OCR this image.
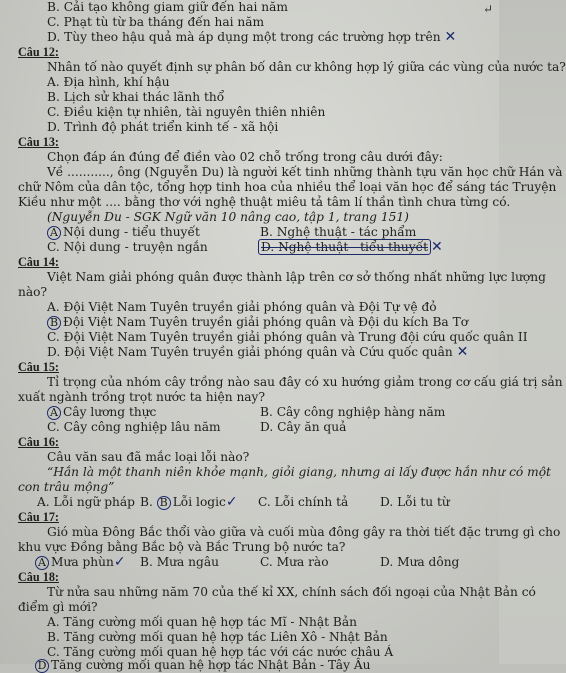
↵
B. Cải tạo không giam giữ đến hai năm
C. Phạt tù từ ba tháng đến hai năm
D. Tùy theo hậu quả mà áp dụng một trong các trường hợp trên ✕
Câu 12:
Nhân tố nào quyết định sự phân bố dân cư không hợp lý giữa các vùng của nước ta?
A. Địa hình, khí hậu
B. Lịch sử khai thác lãnh thổ
C. Điều kiện tự nhiên, tài nguyên thiên nhiên
D. Trình độ phát triển kinh tế - xã hội
Câu 13:
Chọn đáp án đúng để điền vào 02 chỗ trống trong câu dưới đây:
Về ..........., ông (Nguyễn Du) là người kết tinh những thành tựu văn học chữ Hán và
chữ Nôm của dân tộc, tổng hợp tinh hoa của nhiều thể loại văn học để sáng tác Truyện
Kiều như một .... bằng thơ với nghệ thuật miêu tả tâm lí thần tình chưa từng có.
(Nguyễn Du - SGK Ngữ văn 10 nâng cao, tập 1, trang 151)
A Nội dung - tiểu thuyết	B. Nghệ thuật - tác phẩm
C. Nội dung - truyện ngắn	D. Nghệ thuật - tiểu thuyết ✕
Câu 14:
Việt Nam giải phóng quân được thành lập trên cơ sở thống nhất những lực lượng
nào?
A. Đội Việt Nam Tuyên truyền giải phóng quân và Đội Tự vệ đỏ
B Đội Việt Nam Tuyên truyền giải phóng quân và Đội du kích Ba Tơ
C. Đội Việt Nam Tuyên truyền giải phóng quân và Trung đội cứu quốc quân II
D. Đội Việt Nam Tuyên truyền giải phóng quân và Cứu quốc quân ✕
Câu 15:
Tỉ trọng của nhóm cây trồng nào sau đây có xu hướng giảm trong cơ cấu giá trị sản
xuất ngành trồng trọt nước ta hiện nay?
A Cây lương thực	B. Cây công nghiệp hàng năm
C. Cây công nghiệp lâu năm	D. Cây ăn quả
Câu 16:
Câu văn sau đã mắc loại lỗi nào?
“Hắn là một thanh niên khỏe mạnh, giỏi giang, nhưng ai lấy được hắn như có một
con trâu mộng”
A. Lỗi ngữ pháp B. B Lỗi logic✓ C. Lỗi chính tả	D. Lỗi tu từ
Câu 17:
Gió mùa Đông Bắc thổi vào giữa và cuối mùa đông gây ra thời tiết đặc trưng gì cho
khu vực Đồng bằng Bắc bộ và Bắc Trung bộ nước ta?
A Mưa phùn✓ B. Mưa ngâu	C. Mưa rào	D. Mưa dông
Câu 18:
Từ nửa sau những năm 70 của thế kỉ XX, chính sách đối ngoại của Nhật Bản có
điểm gì mới?
A. Tăng cường mối quan hệ hợp tác Mĩ - Nhật Bản
B. Tăng cường mối quan hệ hợp tác Liên Xô - Nhật Bản
C. Tăng cường mối quan hệ hợp tác với các nước châu Á
D Tăng cường mối quan hệ hợp tác Nhật Bản - Tây Âu
